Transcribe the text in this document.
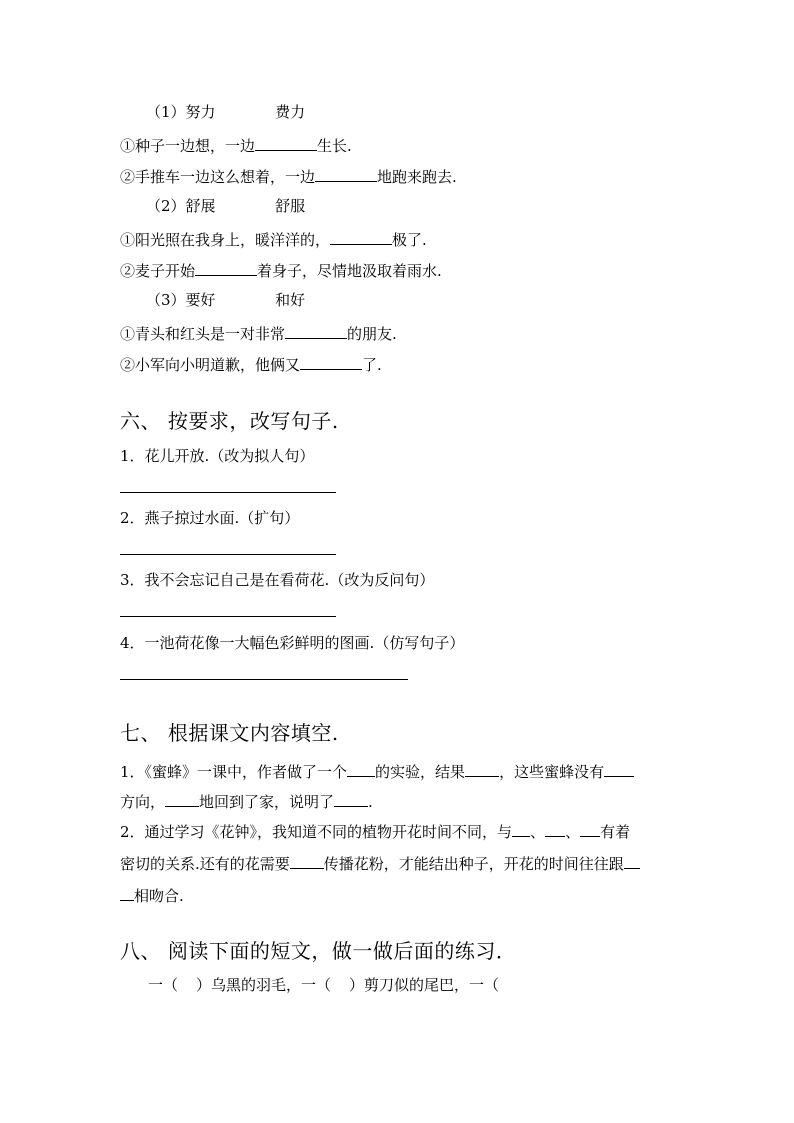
（1）努力	费力
①种子一边想，一边	生长.
②手推车一边这么想着，一边	地跑来跑去.
（2）舒展	舒服
①阳光照在我身上，暖洋洋的，	极了.
②麦子开始	着身子，尽情地汲取着雨水.
（3）要好	和好
①青头和红头是一对非常	的朋友.
②小军向小明道歉，他俩又	了.
六、 按要求，改写句子.
1．花儿开放.（改为拟人句）
2．燕子掠过水面.（扩句）
3．我不会忘记自己是在看荷花.（改为反问句）
4．一池荷花像一大幅色彩鲜明的图画.（仿写句子）
七、 根据课文内容填空.
1．《蜜蜂》一课中，作者做了一个 的实验，结果 ，这些蜜蜂没有
方向， 地回到了家，说明了 .
2．通过学习《花钟》，我知道不同的植物开花时间不同，与 、 、 有着
密切的关系.还有的花需要 传播花粉，才能结出种子，开花的时间往往跟
相吻合.
八、 阅读下面的短文，做一做后面的练习．
一（ ）乌黑的羽毛，一（ ）剪刀似的尾巴，一（
